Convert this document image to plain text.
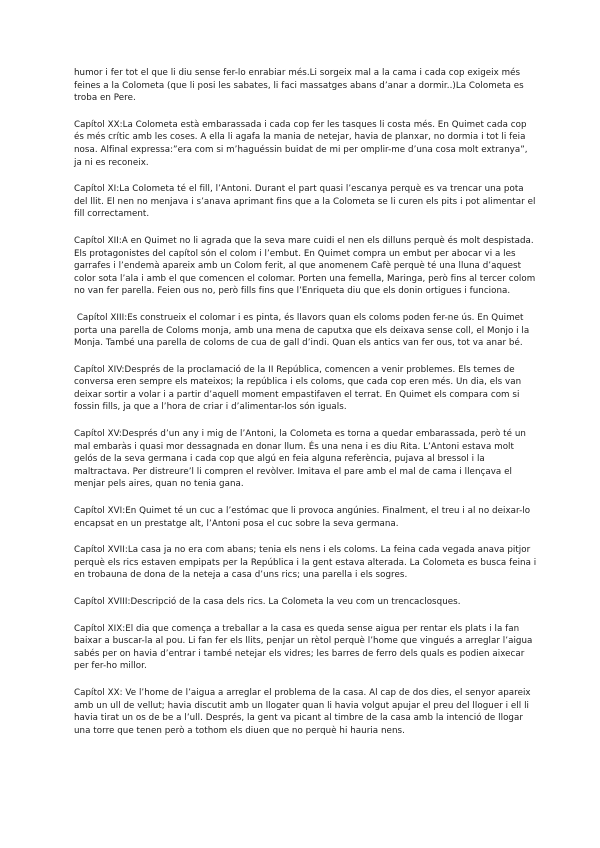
humor i fer tot el que li diu sense fer-lo enrabiar més.Li sorgeix mal a la cama i cada cop exigeix més feines a la Colometa (que li posi les sabates, li faci massatges abans d’anar a dormir..)La Colometa es troba en Pere.

Capítol XX:La Colometa està embarassada i cada cop fer les tasques li costa més. En Quimet cada cop és més crític amb les coses. A ella li agafa la mania de netejar, havia de planxar, no dormia i tot li feia nosa. Alfinal expressa:”era com si m’haguéssin buidat de mi per omplir-me d’una cosa molt extranya”, ja ni es reconeix.

Capítol XI:La Colometa té el fill, l’Antoni. Durant el part quasi l’escanya perquè es va trencar una pota del llit. El nen no menjava i s’anava aprimant fins que a la Colometa se li curen els pits i pot alimentar el fill correctament.

Capítol XII:A en Quimet no li agrada que la seva mare cuidi el nen els dilluns perquè és molt despistada. Els protagonistes del capítol són el colom i l’embut. En Quimet compra un embut per abocar vi a les garrafes i l’endemà apareix amb un Colom ferit, al que anomenem Cafè perquè té una lluna d’aquest color sota l’ala i amb el que comencen el colomar. Porten una femella, Maringa, però fins al tercer colom no van fer parella. Feien ous no, però fills fins que l’Enriqueta diu que els donin ortigues i funciona.

Capítol XIII:Es construeix el colomar i es pinta, és llavors quan els coloms poden fer-ne ús. En Quimet porta una parella de Coloms monja, amb una mena de caputxa que els deixava sense coll, el Monjo i la Monja. També una parella de coloms de cua de gall d’indi. Quan els antics van fer ous, tot va anar bé.

Capítol XIV:Després de la proclamació de la II República, comencen a venir problemes. Els temes de conversa eren sempre els mateixos; la república i els coloms, que cada cop eren més. Un dia, els van deixar sortir a volar i a partir d’aquell moment empastifaven el terrat. En Quimet els compara com si fossin fills, ja que a l’hora de criar i d’alimentar-los són iguals.

Capítol XV:Després d’un any i mig de l’Antoni, la Colometa es torna a quedar embarassada, però té un mal embaràs i quasi mor dessagnada en donar llum. És una nena i es diu Rita. L’Antoni estava molt gelós de la seva germana i cada cop que algú en feia alguna referència, pujava al bressol i la maltractava. Per distreure’l li compren el revòlver. Imitava el pare amb el mal de cama i llençava el menjar pels aires, quan no tenia gana.

Capítol XVI:En Quimet té un cuc a l’estómac que li provoca angúnies. Finalment, el treu i al no deixar-lo encapsat en un prestatge alt, l’Antoni posa el cuc sobre la seva germana.

Capítol XVII:La casa ja no era com abans; tenia els nens i els coloms. La feina cada vegada anava pitjor perquè els rics estaven empipats per la República i la gent estava alterada. La Colometa es busca feina i en trobauna de dona de la neteja a casa d’uns rics; una parella i els sogres.

Capítol XVIII:Descripció de la casa dels rics. La Colometa la veu com un trencaclosques.

Capítol XIX:El dia que comença a treballar a la casa es queda sense aigua per rentar els plats i la fan baixar a buscar-la al pou. Li fan fer els llits, penjar un rètol perquè l’home que vingués a arreglar l’aigua sabés per on havia d’entrar i també netejar els vidres; les barres de ferro dels quals es podien aixecar per fer-ho millor.

Capítol XX: Ve l’home de l’aigua a arreglar el problema de la casa. Al cap de dos dies, el senyor apareix amb un ull de vellut; havia discutit amb un llogater quan li havia volgut apujar el preu del lloguer i ell li havia tirat un os de be a l’ull. Després, la gent va picant al timbre de la casa amb la intenció de llogar una torre que tenen però a tothom els diuen que no perquè hi hauria nens.
